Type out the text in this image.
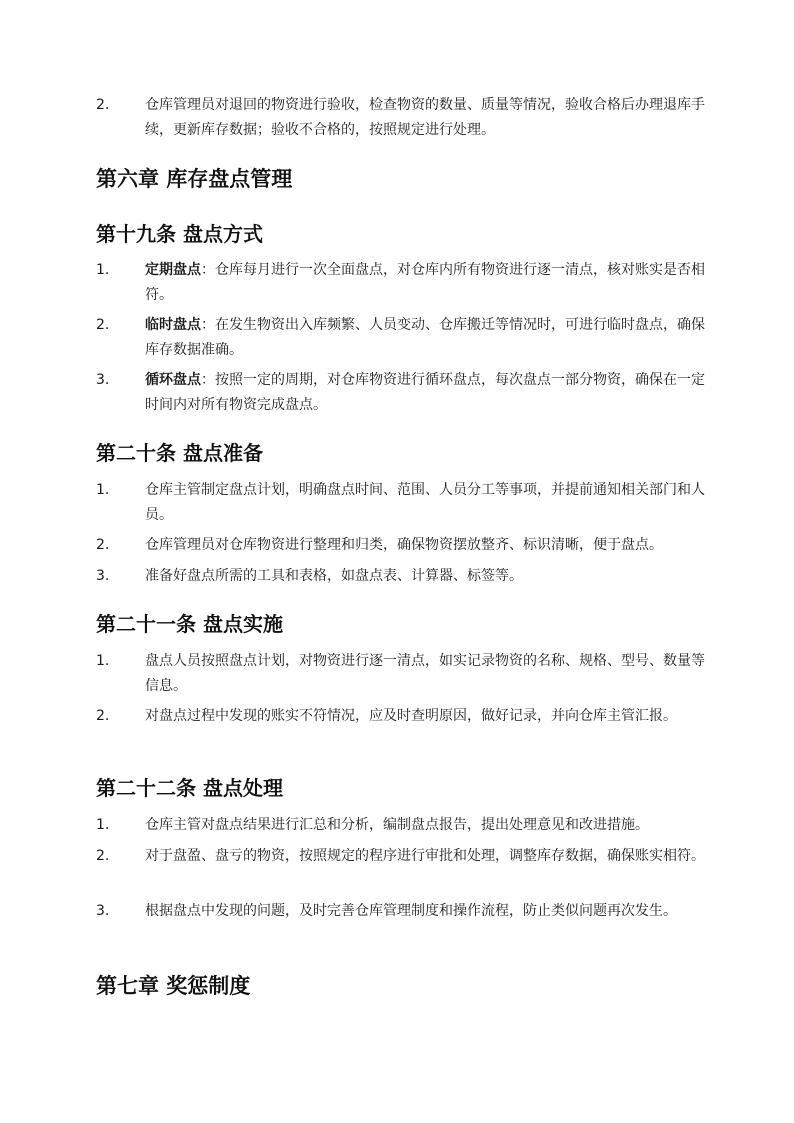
2.	仓库管理员对退回的物资进行验收，检查物资的数量、质量等情况，验收合格后办理退库手续，更新库存数据；验收不合格的，按照规定进行处理。
第六章 库存盘点管理
第十九条 盘点方式
1.	定期盘点：仓库每月进行一次全面盘点，对仓库内所有物资进行逐一清点，核对账实是否相符。
2.	临时盘点：在发生物资出入库频繁、人员变动、仓库搬迁等情况时，可进行临时盘点，确保库存数据准确。
3.	循环盘点：按照一定的周期，对仓库物资进行循环盘点，每次盘点一部分物资，确保在一定时间内对所有物资完成盘点。
第二十条 盘点准备
1.	仓库主管制定盘点计划，明确盘点时间、范围、人员分工等事项，并提前通知相关部门和人员。
2.	仓库管理员对仓库物资进行整理和归类，确保物资摆放整齐、标识清晰，便于盘点。
3.	准备好盘点所需的工具和表格，如盘点表、计算器、标签等。
第二十一条 盘点实施
1.	盘点人员按照盘点计划，对物资进行逐一清点，如实记录物资的名称、规格、型号、数量等信息。
2.	对盘点过程中发现的账实不符情况，应及时查明原因，做好记录，并向仓库主管汇报。
第二十二条 盘点处理
1.	仓库主管对盘点结果进行汇总和分析，编制盘点报告，提出处理意见和改进措施。
2.	对于盘盈、盘亏的物资，按照规定的程序进行审批和处理，调整库存数据，确保账实相符。
3.	根据盘点中发现的问题，及时完善仓库管理制度和操作流程，防止类似问题再次发生。
第七章 奖惩制度
